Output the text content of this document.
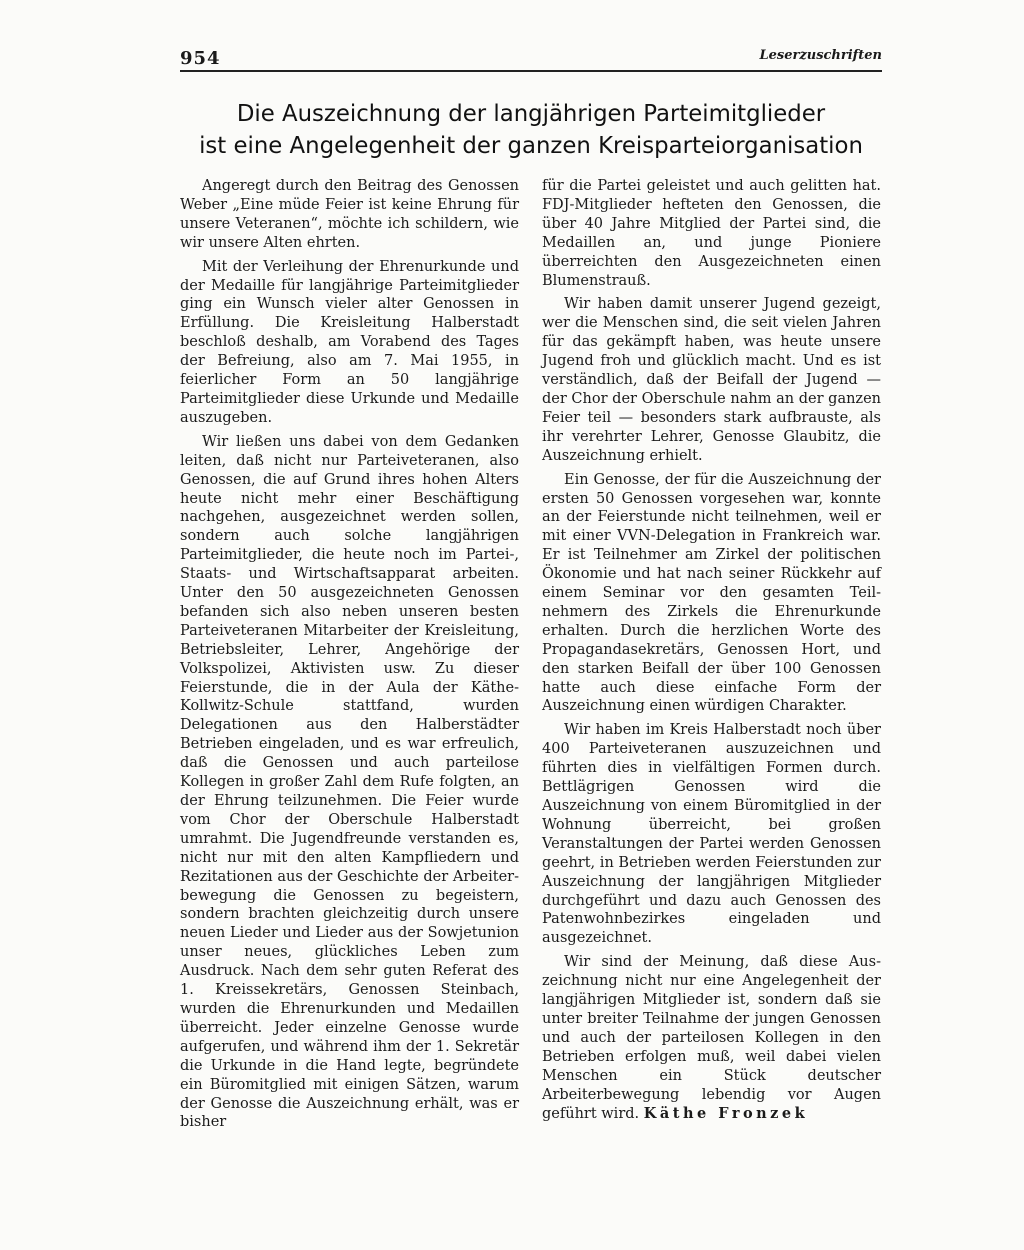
954	Leserzuschriften
Die Auszeichnung der langjährigen Parteimitglieder
ist eine Angelegenheit der ganzen Kreisparteiorganisation

Angeregt durch den Beitrag des Genossen Weber „Eine müde Feier ist keine Ehrung für unsere Veteranen“, möchte ich schildern, wie wir unsere Alten ehrten.

Mit der Verleihung der Ehrenurkunde und der Medaille für langjährige Parteimitglieder ging ein Wunsch vieler alter Genossen in Erfüllung. Die Kreisleitung Halberstadt beschloß deshalb, am Vorabend des Tages der Befreiung, also am 7. Mai 1955, in feierlicher Form an 50 langjährige Parteimitglieder diese Urkunde und Medaille auszugeben.

Wir ließen uns dabei von dem Gedanken leiten, daß nicht nur Parteiveteranen, also Genossen, die auf Grund ihres hohen Alters heute nicht mehr einer Beschäftigung nachgehen, ausgezeichnet werden sollen, sondern auch solche langjährigen Parteimitglieder, die heute noch im Partei-, Staats- und Wirtschaftsapparat arbeiten. Unter den 50 ausgezeichneten Genossen befanden sich also neben unseren besten Parteiveteranen Mitarbeiter der Kreisleitung, Betriebsleiter, Lehrer, Angehörige der Volkspolizei, Aktivisten usw. Zu dieser Feierstunde, die in der Aula der Käthe-Kollwitz-Schule stattfand, wurden Delegationen aus den Halberstädter Betrieben eingeladen, und es war erfreulich, daß die Genossen und auch parteilose Kollegen in großer Zahl dem Rufe folgten, an der Ehrung teilzunehmen. Die Feier wurde vom Chor der Oberschule Halberstadt umrahmt. Die Jugendfreunde verstanden es, nicht nur mit den alten Kampfliedern und Rezitationen aus der Geschichte der Arbeiterbewegung die Genossen zu begeistern, sondern brachten gleichzeitig durch unsere neuen Lieder und Lieder aus der Sowjetunion unser neues, glückliches Leben zum Ausdruck. Nach dem sehr guten Referat des 1. Kreissekretärs, Genossen Steinbach, wurden die Ehrenurkunden und Medaillen überreicht. Jeder einzelne Genosse wurde aufgerufen, und während ihm der 1. Sekretär die Urkunde in die Hand legte, begründete ein Büromitglied mit einigen Sätzen, warum der Genosse die Auszeichnung erhält, was er bisher

für die Partei geleistet und auch gelitten hat. FDJ-Mitglieder hefteten den Genossen, die über 40 Jahre Mitglied der Partei sind, die Medaillen an, und junge Pioniere überreichten den Ausgezeichneten einen Blumenstrauß.

Wir haben damit unserer Jugend gezeigt, wer die Menschen sind, die seit vielen Jahren für das gekämpft haben, was heute unsere Jugend froh und glücklich macht. Und es ist verständlich, daß der Beifall der Jugend — der Chor der Oberschule nahm an der ganzen Feier teil — besonders stark aufbrauste, als ihr verehrter Lehrer, Genosse Glaubitz, die Auszeichnung erhielt.

Ein Genosse, der für die Auszeichnung der ersten 50 Genossen vorgesehen war, konnte an der Feierstunde nicht teilnehmen, weil er mit einer VVN-Delegation in Frankreich war. Er ist Teilnehmer am Zirkel der politischen Ökonomie und hat nach seiner Rückkehr auf einem Seminar vor den gesamten Teilnehmern des Zirkels die Ehrenurkunde erhalten. Durch die herzlichen Worte des Propagandasekretärs, Genossen Hort, und den starken Beifall der über 100 Genossen hatte auch diese einfache Form der Auszeichnung einen würdigen Charakter.

Wir haben im Kreis Halberstadt noch über 400 Parteiveteranen auszuzeichnen und führten dies in vielfältigen Formen durch. Bettlägrigen Genossen wird die Auszeichnung von einem Büromitglied in der Wohnung überreicht, bei großen Veranstaltungen der Partei werden Genossen geehrt, in Betrieben werden Feierstunden zur Auszeichnung der langjährigen Mitglieder durchgeführt und dazu auch Genossen des Patenwohnbezirkes eingeladen und ausgezeichnet.

Wir sind der Meinung, daß diese Auszeichnung nicht nur eine Angelegenheit der langjährigen Mitglieder ist, sondern daß sie unter breiter Teilnahme der jungen Genossen und auch der parteilosen Kollegen in den Betrieben erfolgen muß, weil dabei vielen Menschen ein Stück deutscher Arbeiterbewegung lebendig vor Augen geführt wird. Käthe Fronzek
